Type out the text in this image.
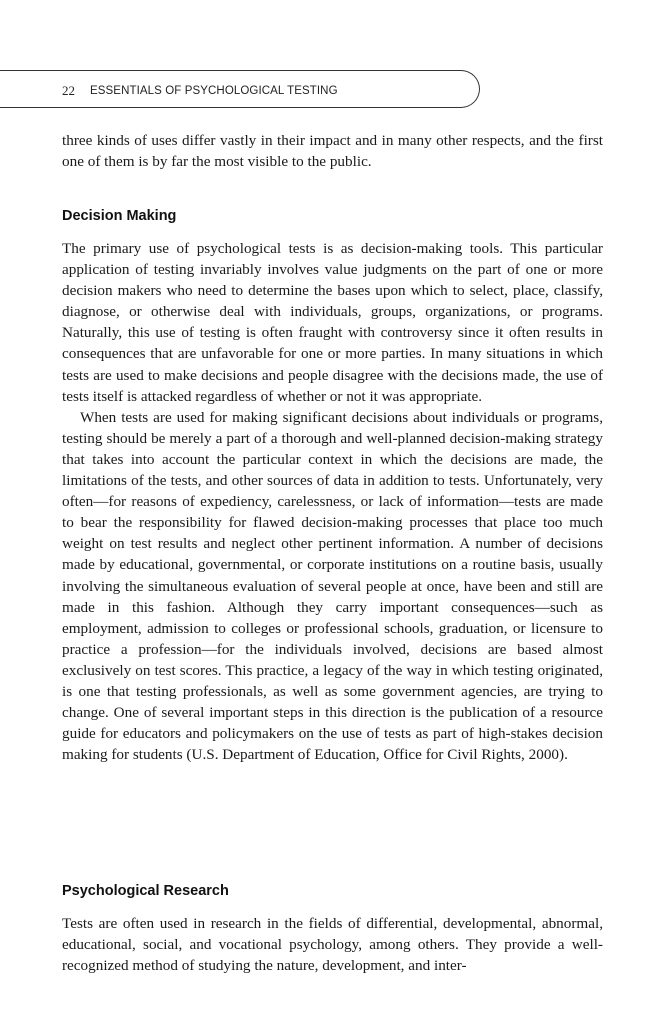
22 ESSENTIALS OF PSYCHOLOGICAL TESTING

three kinds of uses differ vastly in their impact and in many other respects, and the first one of them is by far the most visible to the public.

Decision Making

The primary use of psychological tests is as decision-making tools. This particular application of testing invariably involves value judgments on the part of one or more decision makers who need to determine the bases upon which to select, place, classify, diagnose, or otherwise deal with individuals, groups, organizations, or programs. Naturally, this use of testing is often fraught with controversy since it often results in consequences that are unfavorable for one or more parties. In many situations in which tests are used to make decisions and people disagree with the decisions made, the use of tests itself is attacked regardless of whether or not it was appropriate.

When tests are used for making significant decisions about individuals or programs, testing should be merely a part of a thorough and well-planned decision-making strategy that takes into account the particular context in which the decisions are made, the limitations of the tests, and other sources of data in addition to tests. Unfortunately, very often—for reasons of expediency, carelessness, or lack of information—tests are made to bear the responsibility for flawed decision-making processes that place too much weight on test results and neglect other pertinent information. A number of decisions made by educational, governmental, or corporate institutions on a routine basis, usually involving the simultaneous evaluation of several people at once, have been and still are made in this fashion. Although they carry important consequences—such as employment, admission to colleges or professional schools, graduation, or licensure to practice a profession—for the individuals involved, decisions are based almost exclusively on test scores. This practice, a legacy of the way in which testing originated, is one that testing professionals, as well as some government agencies, are trying to change. One of several important steps in this direction is the publication of a resource guide for educators and policymakers on the use of tests as part of high-stakes decision making for students (U.S. Department of Education, Office for Civil Rights, 2000).

Psychological Research

Tests are often used in research in the fields of differential, developmental, abnormal, educational, social, and vocational psychology, among others. They provide a well-recognized method of studying the nature, development, and inter-
